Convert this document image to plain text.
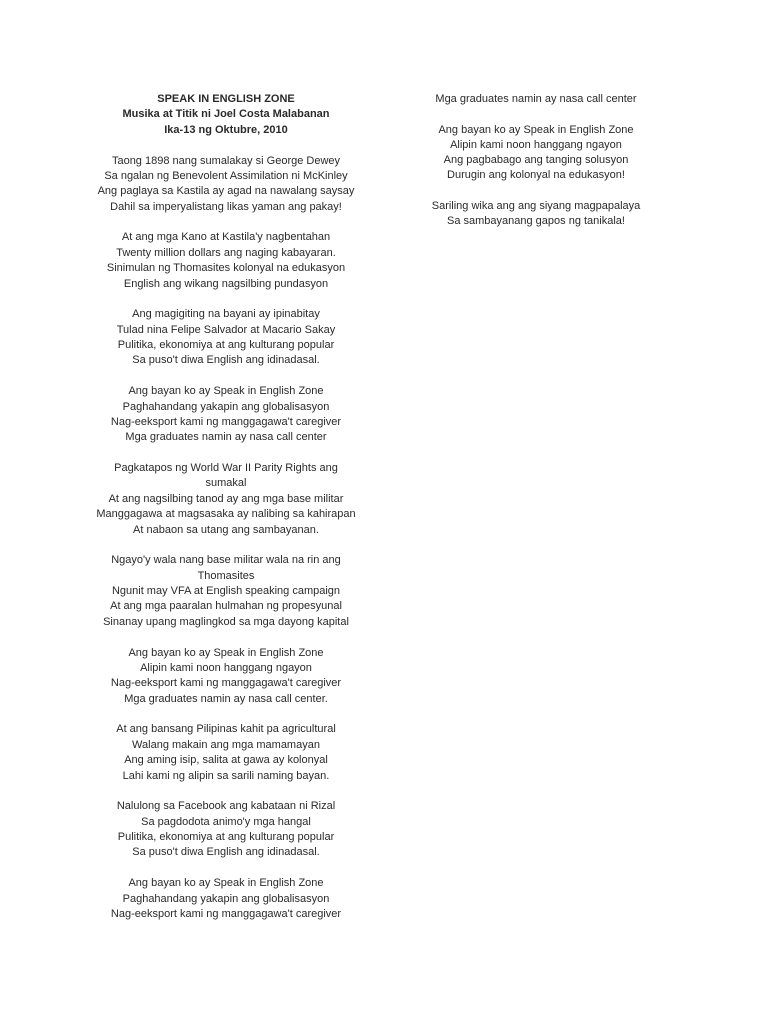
SPEAK IN ENGLISH ZONE
Musika at Titik ni Joel Costa Malabanan
Ika-13 ng Oktubre, 2010
Taong 1898 nang sumalakay si George Dewey
Sa ngalan ng Benevolent Assimilation ni McKinley
Ang paglaya sa Kastila ay agad na nawalang saysay
Dahil sa imperyalistang likas yaman ang pakay!
At ang mga Kano at Kastila'y nagbentahan
Twenty million dollars ang naging kabayaran.
Sinimulan ng Thomasites kolonyal na edukasyon
English ang wikang nagsilbing pundasyon
Ang magigiting na bayani ay ipinabitay
Tulad nina Felipe Salvador at Macario Sakay
Pulitika, ekonomiya at ang kulturang popular
Sa puso't diwa English ang idinadasal.
Ang bayan ko ay Speak in English Zone
Paghahandang yakapin ang globalisasyon
Nag-eeksport kami ng manggagawa't caregiver
Mga graduates namin ay nasa call center
Pagkatapos ng World War II Parity Rights ang
sumakal
At ang nagsilbing tanod ay ang mga base militar
Manggagawa at magsasaka ay nalibing sa kahirapan
At nabaon sa utang ang sambayanan.
Ngayo'y wala nang base militar wala na rin ang
Thomasites
Ngunit may VFA at English speaking campaign
At ang mga paaralan hulmahan ng propesyunal
Sinanay upang maglingkod sa mga dayong kapital
Ang bayan ko ay Speak in English Zone
Alipin kami noon hanggang ngayon
Nag-eeksport kami ng manggagawa't caregiver
Mga graduates namin ay nasa call center.
At ang bansang Pilipinas kahit pa agricultural
Walang makain ang mga mamamayan
Ang aming isip, salita at gawa ay kolonyal
Lahi kami ng alipin sa sarili naming bayan.
Nalulong sa Facebook ang kabataan ni Rizal
Sa pagdodota animo'y mga hangal
Pulitika, ekonomiya at ang kulturang popular
Sa puso't diwa English ang idinadasal.
Ang bayan ko ay Speak in English Zone
Paghahandang yakapin ang globalisasyon
Nag-eeksport kami ng manggagawa't caregiver
Mga graduates namin ay nasa call center
Ang bayan ko ay Speak in English Zone
Alipin kami noon hanggang ngayon
Ang pagbabago ang tanging solusyon
Durugin ang kolonyal na edukasyon!
Sariling wika ang ang siyang magpapalaya
Sa sambayanang gapos ng tanikala!
